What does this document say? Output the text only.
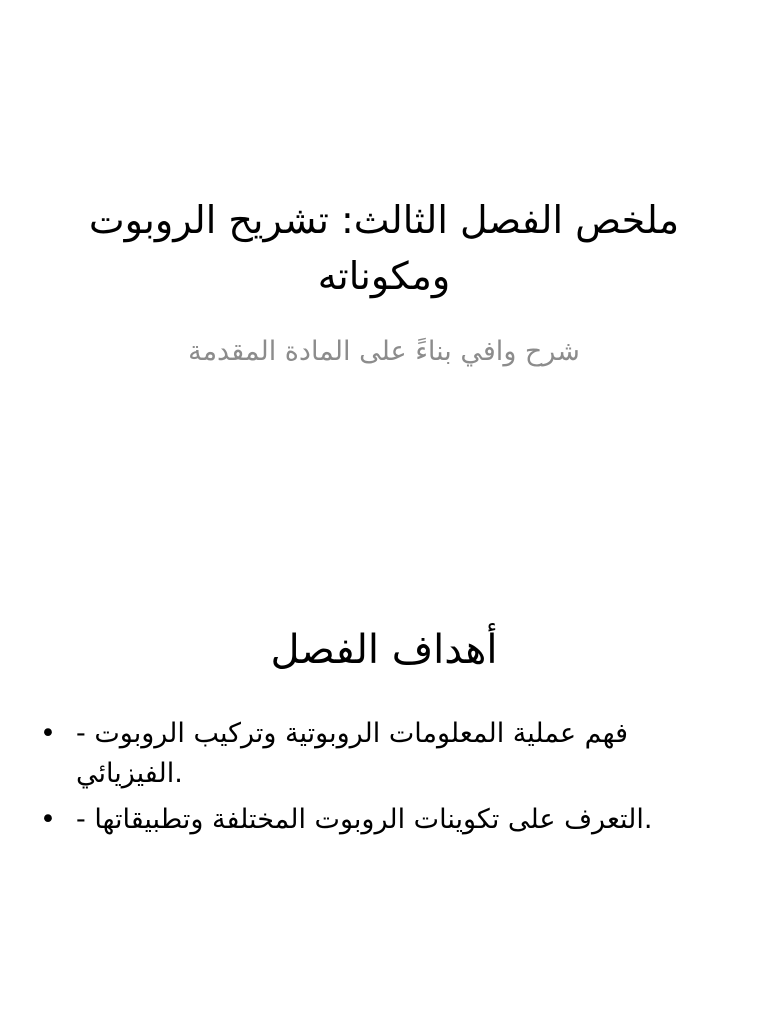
ملخص الفصل الثالث: تشريح الروبوت ومكوناته

شرح وافي بناءً على المادة المقدمة

أهداف الفصل
• - فهم عملية المعلومات الروبوتية وتركيب الروبوت الفيزيائي.
• - التعرف على تكوينات الروبوت المختلفة وتطبيقاتها.
